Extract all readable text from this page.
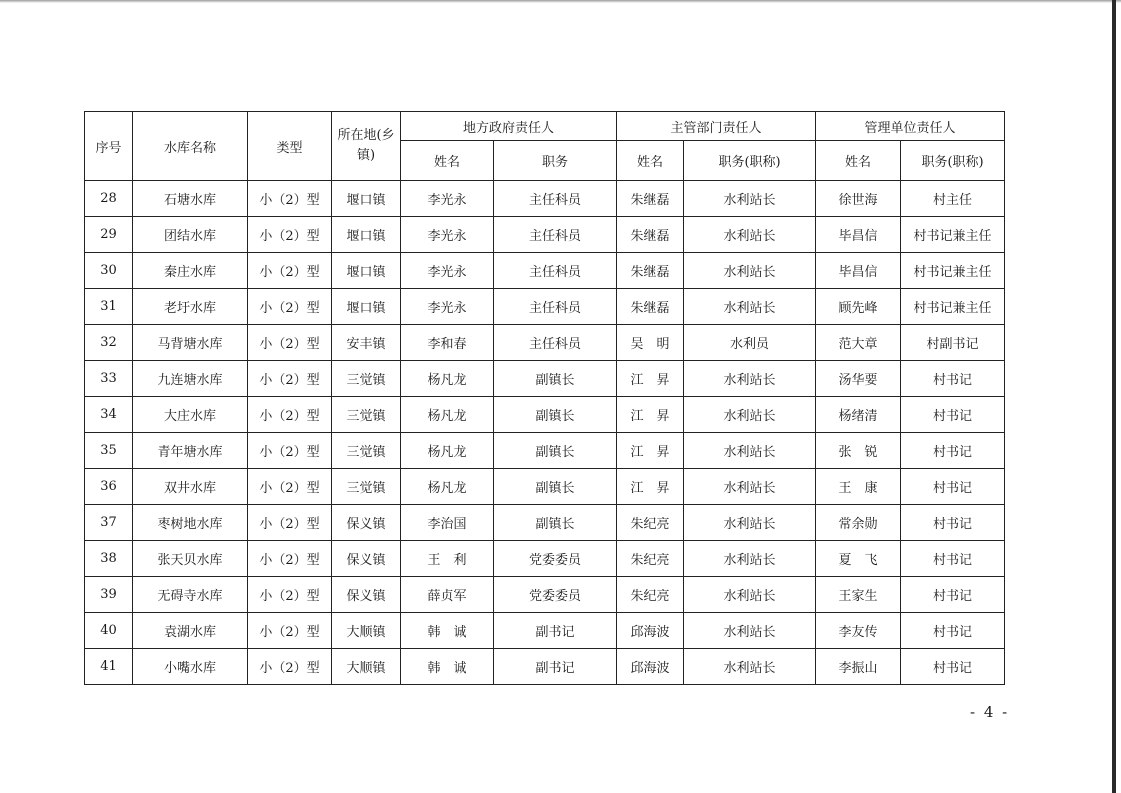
序号	水库名称	类型	所在地(乡镇)	地方政府责任人		主管部门责任人		管理单位责任人	
				姓名	职务	姓名	职务(职称)	姓名	职务(职称)
28	石塘水库	小（2）型	堰口镇	李光永	主任科员	朱继磊	水利站长	徐世海	村主任
29	团结水库	小（2）型	堰口镇	李光永	主任科员	朱继磊	水利站长	毕昌信	村书记兼主任
30	秦庄水库	小（2）型	堰口镇	李光永	主任科员	朱继磊	水利站长	毕昌信	村书记兼主任
31	老圩水库	小（2）型	堰口镇	李光永	主任科员	朱继磊	水利站长	顾先峰	村书记兼主任
32	马背塘水库	小（2）型	安丰镇	李和春	主任科员	吴　明	水利员	范大章	村副书记
33	九连塘水库	小（2）型	三觉镇	杨凡龙	副镇长	江　昇	水利站长	汤华要	村书记
34	大庄水库	小（2）型	三觉镇	杨凡龙	副镇长	江　昇	水利站长	杨绪清	村书记
35	青年塘水库	小（2）型	三觉镇	杨凡龙	副镇长	江　昇	水利站长	张　锐	村书记
36	双井水库	小（2）型	三觉镇	杨凡龙	副镇长	江　昇	水利站长	王　康	村书记
37	枣树地水库	小（2）型	保义镇	李治国	副镇长	朱纪亮	水利站长	常余勋	村书记
38	张天贝水库	小（2）型	保义镇	王　利	党委委员	朱纪亮	水利站长	夏　飞	村书记
39	无碍寺水库	小（2）型	保义镇	薛贞军	党委委员	朱纪亮	水利站长	王家生	村书记
40	袁湖水库	小（2）型	大顺镇	韩　诚	副书记	邱海波	水利站长	李友传	村书记
41	小嘴水库	小（2）型	大顺镇	韩　诚	副书记	邱海波	水利站长	李振山	村书记
- 4 -
